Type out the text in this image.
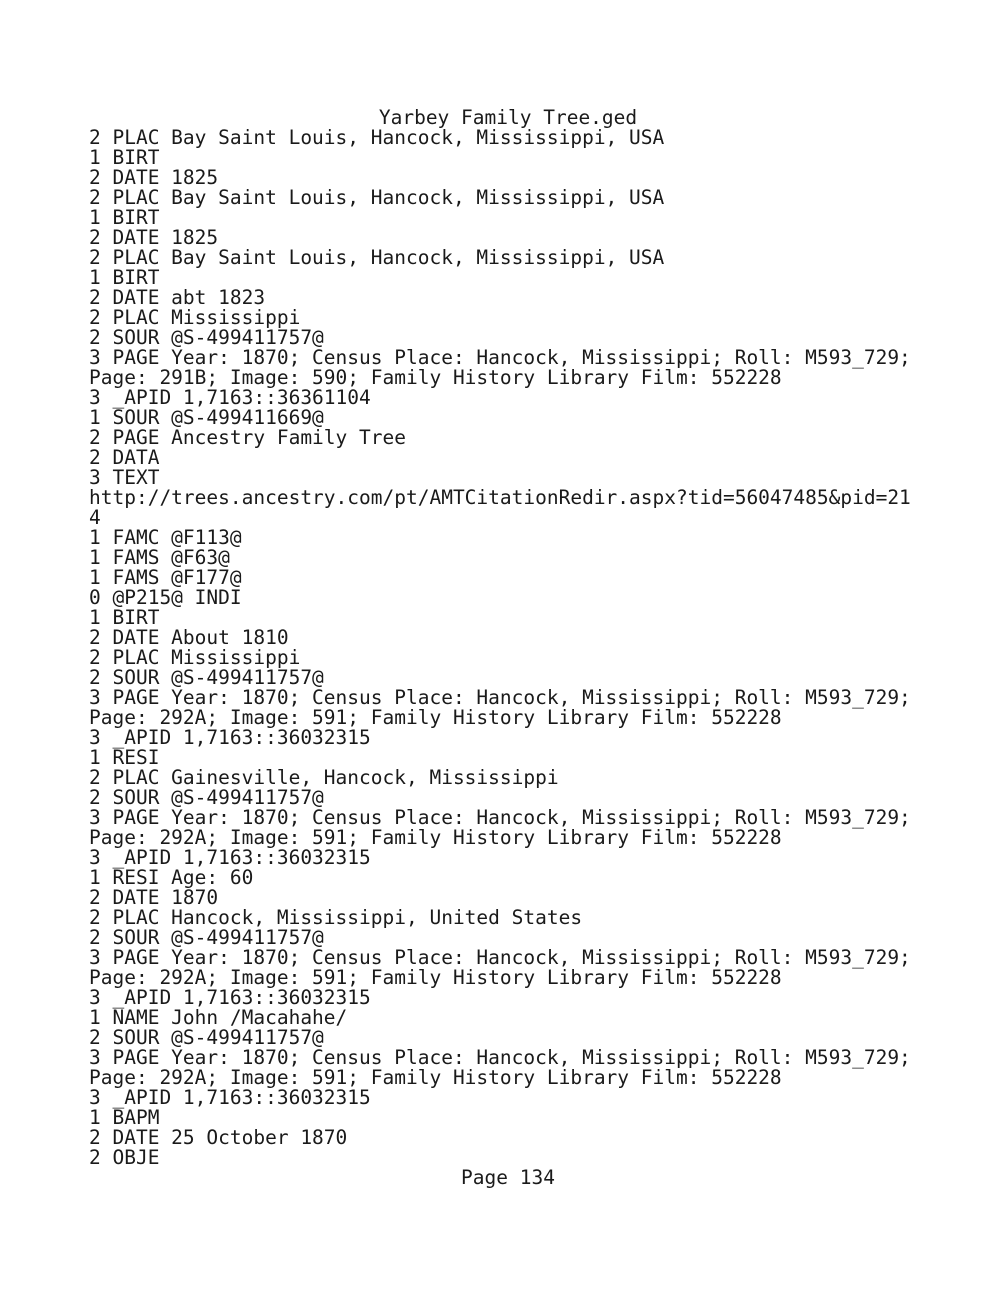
Yarbey Family Tree.ged
2 PLAC Bay Saint Louis, Hancock, Mississippi, USA
1 BIRT
2 DATE 1825
2 PLAC Bay Saint Louis, Hancock, Mississippi, USA
1 BIRT
2 DATE 1825
2 PLAC Bay Saint Louis, Hancock, Mississippi, USA
1 BIRT
2 DATE abt 1823
2 PLAC Mississippi
2 SOUR @S-499411757@
3 PAGE Year: 1870; Census Place: Hancock, Mississippi; Roll: M593_729;
Page: 291B; Image: 590; Family History Library Film: 552228
3 _APID 1,7163::36361104
1 SOUR @S-499411669@
2 PAGE Ancestry Family Tree
2 DATA
3 TEXT
http://trees.ancestry.com/pt/AMTCitationRedir.aspx?tid=56047485&pid=21
4
1 FAMC @F113@
1 FAMS @F63@
1 FAMS @F177@
0 @P215@ INDI
1 BIRT
2 DATE About 1810
2 PLAC Mississippi
2 SOUR @S-499411757@
3 PAGE Year: 1870; Census Place: Hancock, Mississippi; Roll: M593_729;
Page: 292A; Image: 591; Family History Library Film: 552228
3 _APID 1,7163::36032315
1 RESI
2 PLAC Gainesville, Hancock, Mississippi
2 SOUR @S-499411757@
3 PAGE Year: 1870; Census Place: Hancock, Mississippi; Roll: M593_729;
Page: 292A; Image: 591; Family History Library Film: 552228
3 _APID 1,7163::36032315
1 RESI Age: 60
2 DATE 1870
2 PLAC Hancock, Mississippi, United States
2 SOUR @S-499411757@
3 PAGE Year: 1870; Census Place: Hancock, Mississippi; Roll: M593_729;
Page: 292A; Image: 591; Family History Library Film: 552228
3 _APID 1,7163::36032315
1 NAME John /Macahahe/
2 SOUR @S-499411757@
3 PAGE Year: 1870; Census Place: Hancock, Mississippi; Roll: M593_729;
Page: 292A; Image: 591; Family History Library Film: 552228
3 _APID 1,7163::36032315
1 BAPM
2 DATE 25 October 1870
2 OBJE
Page 134
